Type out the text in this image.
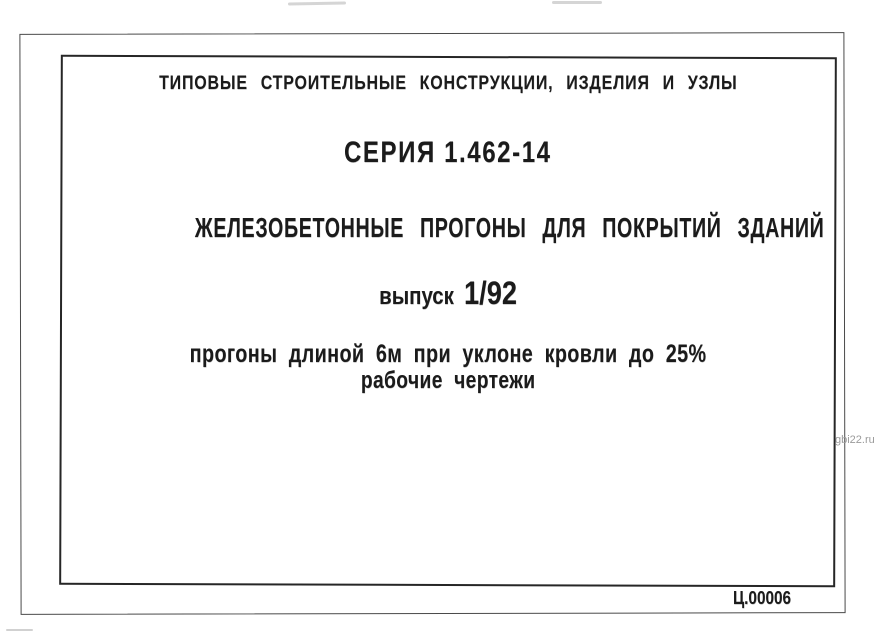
ТИПОВЫЕ СТРОИТЕЛЬНЫЕ КОНСТРУКЦИИ, ИЗДЕЛИЯ И УЗЛЫ
СЕРИЯ 1.462-14
ЖЕЛЕЗОБЕТОННЫЕ ПРОГОНЫ ДЛЯ ПОКРЫТИЙ ЗДАНИЙ
выпуск 1/92
прогоны длиной 6м при уклоне кровли до 25%
рабочие чертежи
Ц.00006
gbi22.ru
